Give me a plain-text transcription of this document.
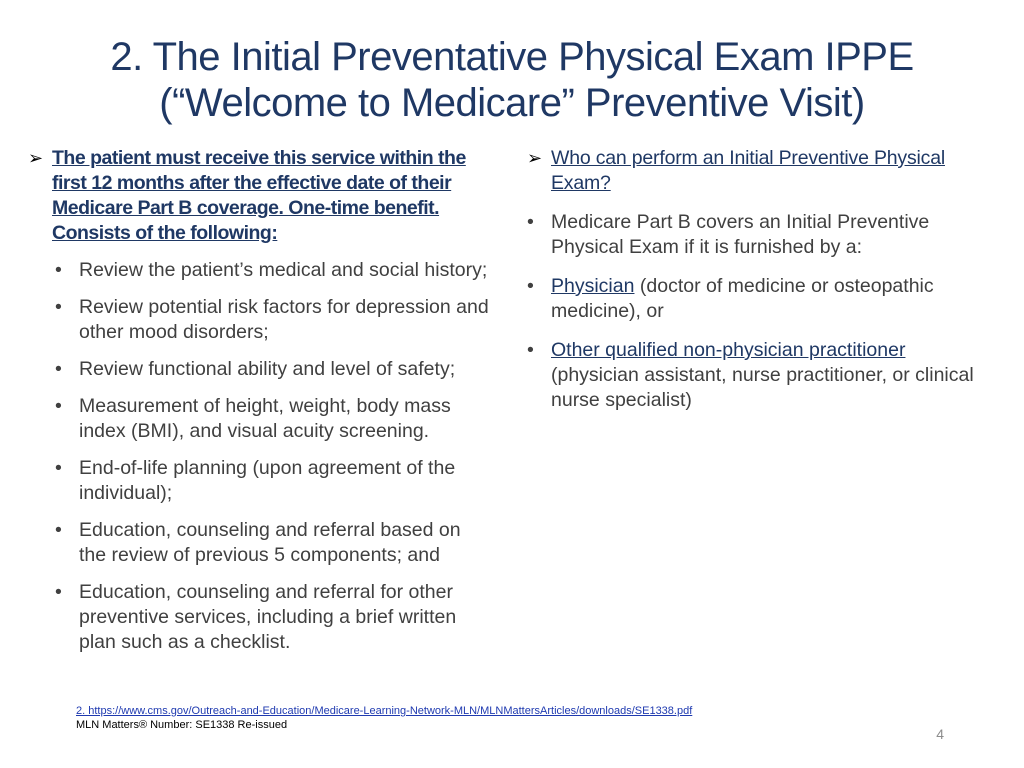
2. The Initial Preventative Physical Exam IPPE
(“Welcome to Medicare” Preventive Visit)
➢ The patient must receive this service within the first 12 months after the effective date of their Medicare Part B coverage. One-time benefit. Consists of the following:
• Review the patient’s medical and social history;
• Review potential risk factors for depression and other mood disorders;
• Review functional ability and level of safety;
• Measurement of height, weight, body mass index (BMI), and visual acuity screening.
• End-of-life planning (upon agreement of the individual);
• Education, counseling and referral based on the review of previous 5 components; and
• Education, counseling and referral for other preventive services, including a brief written plan such as a checklist.
➢ Who can perform an Initial Preventive Physical Exam?
• Medicare Part B covers an Initial Preventive Physical Exam if it is furnished by a:
• Physician (doctor of medicine or osteopathic medicine), or
• Other qualified non-physician practitioner (physician assistant, nurse practitioner, or clinical nurse specialist)
2. https://www.cms.gov/Outreach-and-Education/Medicare-Learning-Network-MLN/MLNMattersArticles/downloads/SE1338.pdf
MLN Matters® Number: SE1338 Re-issued
4
